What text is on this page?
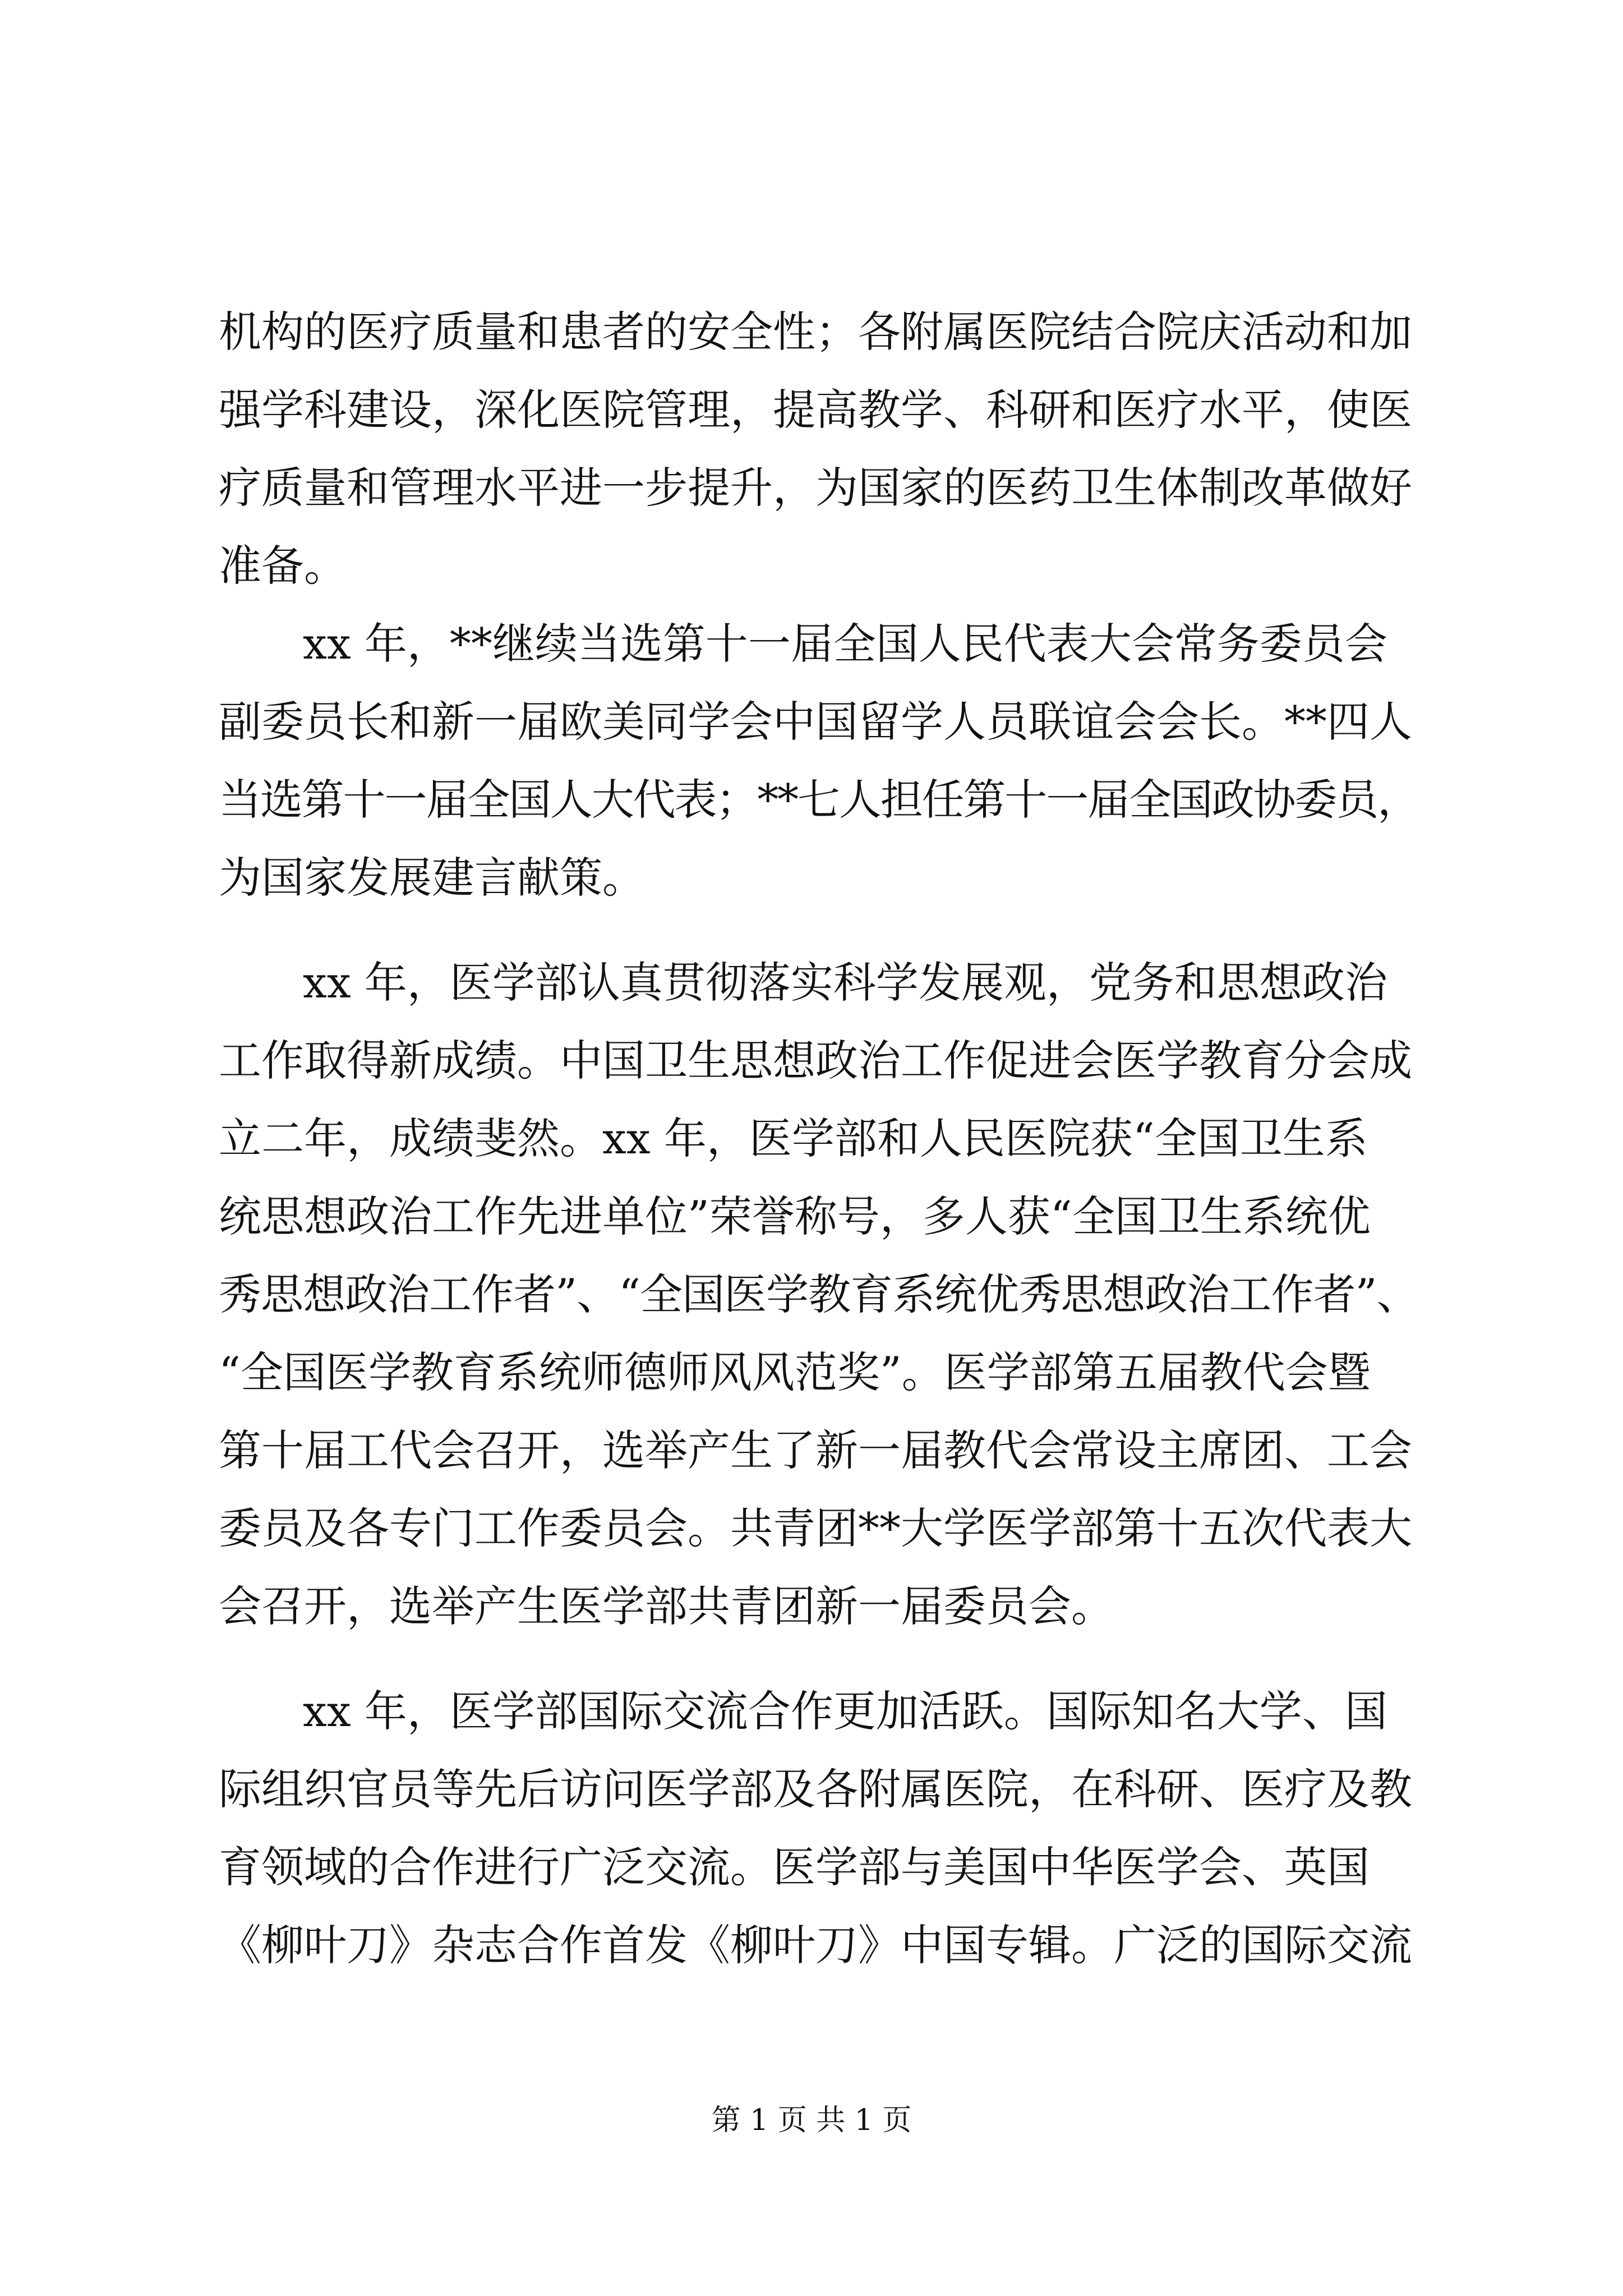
机构的医疗质量和患者的安全性；各附属医院结合院庆活动和加
强学科建设，深化医院管理，提高教学、科研和医疗水平，使医
疗质量和管理水平进一步提升，为国家的医药卫生体制改革做好
准备。
xx 年，**继续当选第十一届全国人民代表大会常务委员会
副委员长和新一届欧美同学会中国留学人员联谊会会长。**四人
当选第十一届全国人大代表；**七人担任第十一届全国政协委员，
为国家发展建言献策。
xx 年，医学部认真贯彻落实科学发展观，党务和思想政治
工作取得新成绩。中国卫生思想政治工作促进会医学教育分会成
立二年，成绩斐然。xx 年，医学部和人民医院获“全国卫生系
统思想政治工作先进单位”荣誉称号，多人获“全国卫生系统优
秀思想政治工作者”、“全国医学教育系统优秀思想政治工作者”、
“全国医学教育系统师德师风风范奖”。医学部第五届教代会暨
第十届工代会召开，选举产生了新一届教代会常设主席团、工会
委员及各专门工作委员会。共青团**大学医学部第十五次代表大
会召开，选举产生医学部共青团新一届委员会。
xx 年，医学部国际交流合作更加活跃。国际知名大学、国
际组织官员等先后访问医学部及各附属医院，在科研、医疗及教
育领域的合作进行广泛交流。医学部与美国中华医学会、英国
《柳叶刀》杂志合作首发《柳叶刀》中国专辑。广泛的国际交流
第 1 页 共 1 页
